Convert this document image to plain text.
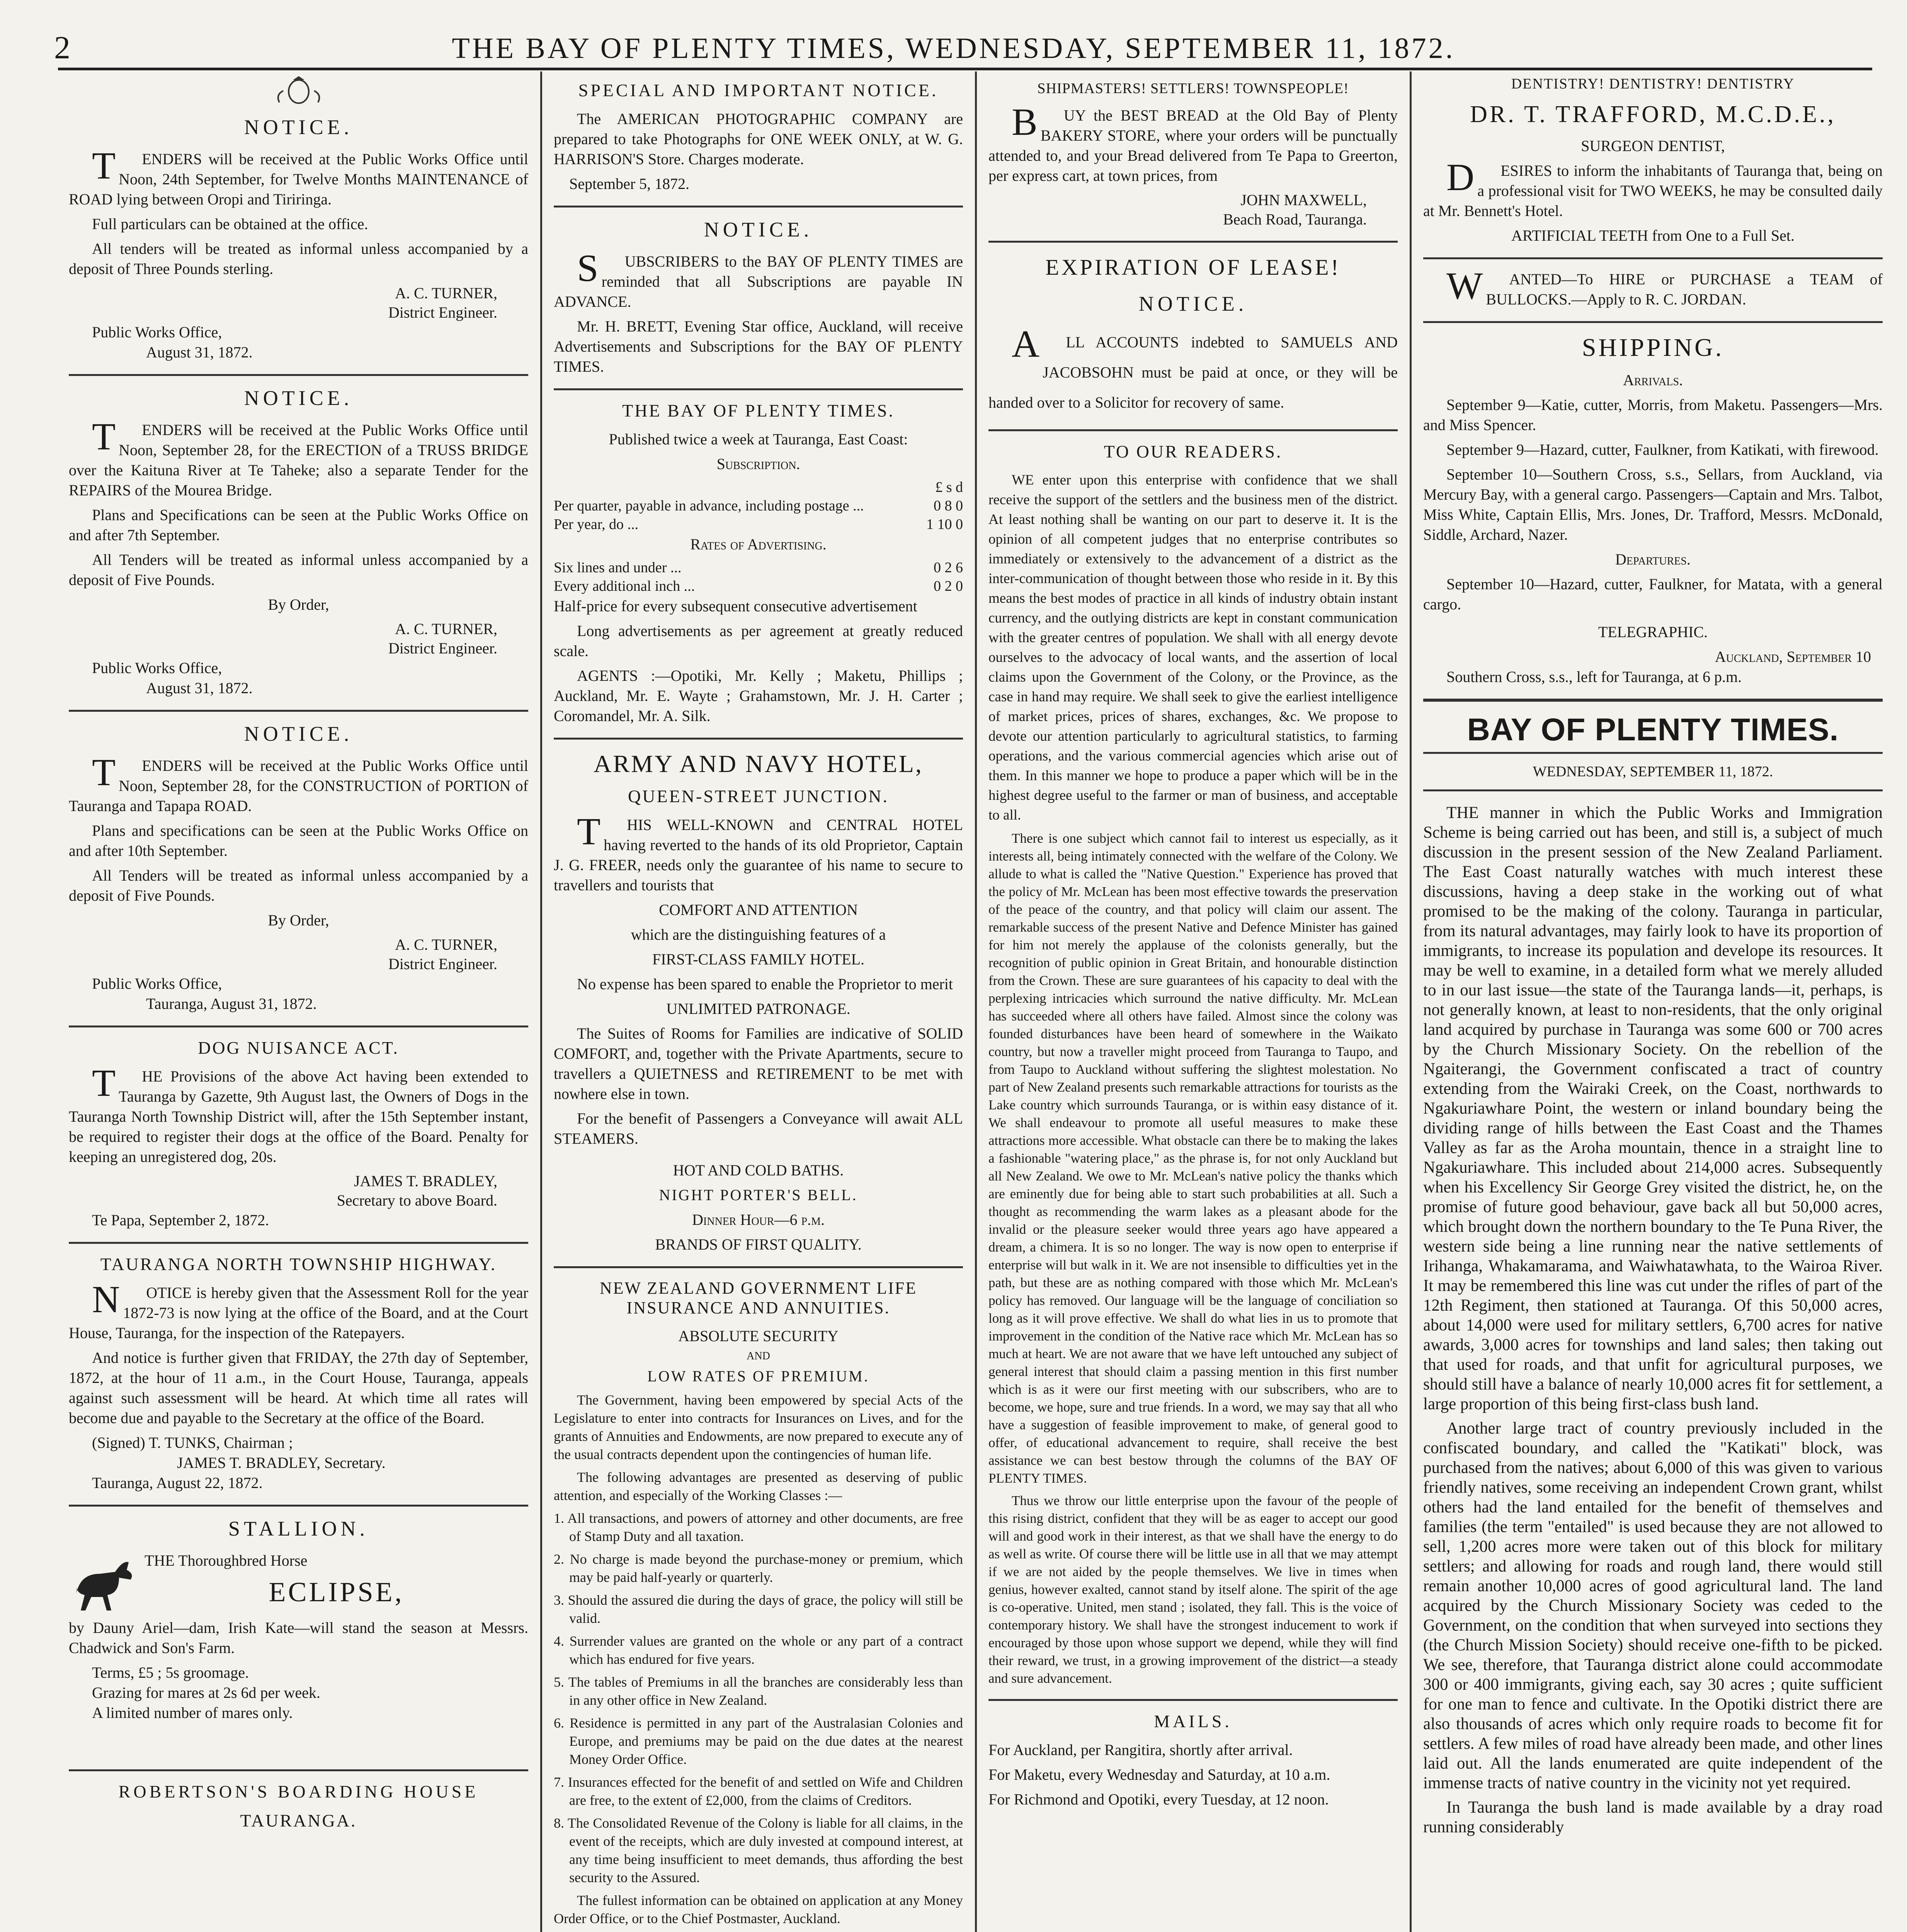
2	THE BAY OF PLENTY TIMES, WEDNESDAY, SEPTEMBER 11, 1872.
NOTICE.

TENDERS will be received at the Public Works Office until Noon, 24th September, for Twelve Months MAINTENANCE of ROAD lying between Oropi and Tiriringa.

Full particulars can be obtained at the office.

All tenders will be treated as informal unless accompanied by a deposit of Three Pounds sterling.

A. C. TURNER,

District Engineer.

Public Works Office,

August 31, 1872.

NOTICE.

TENDERS will be received at the Public Works Office until Noon, September 28, for the ERECTION of a TRUSS BRIDGE over the Kaituna River at Te Taheke; also a separate Tender for the REPAIRS of the Mourea Bridge.

Plans and Specifications can be seen at the Public Works Office on and after 7th September.

All Tenders will be treated as informal unless accompanied by a deposit of Five Pounds.

By Order,

A. C. TURNER,

District Engineer.

Public Works Office,

August 31, 1872.

NOTICE.

TENDERS will be received at the Public Works Office until Noon, September 28, for the CONSTRUCTION of PORTION of Tauranga and Tapapa ROAD.

Plans and specifications can be seen at the Public Works Office on and after 10th September.

All Tenders will be treated as informal unless accompanied by a deposit of Five Pounds.

By Order,

A. C. TURNER,

District Engineer.

Public Works Office,

Tauranga, August 31, 1872.

DOG NUISANCE ACT.

THE Provisions of the above Act having been extended to Tauranga by Gazette, 9th August last, the Owners of Dogs in the Tauranga North Township District will, after the 15th September instant, be required to register their dogs at the office of the Board. Penalty for keeping an unregistered dog, 20s.

JAMES T. BRADLEY,

Secretary to above Board.

Te Papa, September 2, 1872.

TAURANGA NORTH TOWNSHIP HIGHWAY.

NOTICE is hereby given that the Assessment Roll for the year 1872-73 is now lying at the office of the Board, and at the Court House, Tauranga, for the inspection of the Ratepayers.

And notice is further given that FRIDAY, the 27th day of September, 1872, at the hour of 11 a.m., in the Court House, Tauranga, appeals against such assessment will be heard. At which time all rates will become due and payable to the Secretary at the office of the Board.

(Signed) T. TUNKS, Chairman ;

JAMES T. BRADLEY, Secretary.

Tauranga, August 22, 1872.

STALLION.

THE Thoroughbred Horse

ECLIPSE,

by Dauny Ariel—dam, Irish Kate—will stand the season at Messrs. Chadwick and Son's Farm.

Terms, £5 ; 5s groomage.

Grazing for mares at 2s 6d per week.

A limited number of mares only.

ROBERTSON'S BOARDING HOUSE
TAURANGA.

SPECIAL AND IMPORTANT NOTICE.

The AMERICAN PHOTOGRAPHIC COMPANY are prepared to take Photographs for ONE WEEK ONLY, at W. G. HARRISON'S Store. Charges moderate.

September 5, 1872.

NOTICE.

SUBSCRIBERS to the BAY OF PLENTY TIMES are reminded that all Subscriptions are payable IN ADVANCE.

Mr. H. BRETT, Evening Star office, Auckland, will receive Advertisements and Subscriptions for the BAY OF PLENTY TIMES.

THE BAY OF PLENTY TIMES.

Published twice a week at Tauranga, East Coast:

Subscription.

	£ s d
Per quarter, payable in advance, including postage ...	0 8 0
Per year, do ...	1 10 0

Rates of Advertising.

Six lines and under ...	0 2 6
Every additional inch ...	0 2 0

Half-price for every subsequent consecutive advertisement

Long advertisements as per agreement at greatly reduced scale.

AGENTS :—Opotiki, Mr. Kelly ; Maketu, Phillips ; Auckland, Mr. E. Wayte ; Grahamstown, Mr. J. H. Carter ; Coromandel, Mr. A. Silk.

ARMY AND NAVY HOTEL,
QUEEN-STREET JUNCTION.

THIS WELL-KNOWN and CENTRAL HOTEL having reverted to the hands of its old Proprietor, Captain J. G. FREER, needs only the guarantee of his name to secure to travellers and tourists that

COMFORT AND ATTENTION

which are the distinguishing features of a

FIRST-CLASS FAMILY HOTEL.

No expense has been spared to enable the Proprietor to merit

UNLIMITED PATRONAGE.

The Suites of Rooms for Families are indicative of SOLID COMFORT, and, together with the Private Apartments, secure to travellers a QUIETNESS and RETIREMENT to be met with nowhere else in town.

For the benefit of Passengers a Conveyance will await ALL STEAMERS.

HOT AND COLD BATHS.

NIGHT PORTER'S BELL.

Dinner Hour—6 p.m.

BRANDS OF FIRST QUALITY.

NEW ZEALAND GOVERNMENT LIFE INSURANCE AND ANNUITIES.

ABSOLUTE SECURITY

AND

LOW RATES OF PREMIUM.

The Government, having been empowered by special Acts of the Legislature to enter into contracts for Insurances on Lives, and for the grants of Annuities and Endowments, are now prepared to execute any of the usual contracts dependent upon the contingencies of human life.

The following advantages are presented as deserving of public attention, and especially of the Working Classes :—

1. All transactions, and powers of attorney and other documents, are free of Stamp Duty and all taxation.

2. No charge is made beyond the purchase-money or premium, which may be paid half-yearly or quarterly.

3. Should the assured die during the days of grace, the policy will still be valid.

4. Surrender values are granted on the whole or any part of a contract which has endured for five years.

5. The tables of Premiums in all the branches are considerably less than in any other office in New Zealand.

6. Residence is permitted in any part of the Australasian Colonies and Europe, and premiums may be paid on the due dates at the nearest Money Order Office.

7. Insurances effected for the benefit of and settled on Wife and Children are free, to the extent of £2,000, from the claims of Creditors.

8. The Consolidated Revenue of the Colony is liable for all claims, in the event of the receipts, which are duly invested at compound interest, at any time being insufficient to meet demands, thus affording the best security to the Assured.

The fullest information can be obtained on application at any Money Order Office, or to the Chief Postmaster, Auckland.

SHIPMASTERS! SETTLERS! TOWNSPEOPLE!

BUY the BEST BREAD at the Old Bay of Plenty BAKERY STORE, where your orders will be punctually attended to, and your Bread delivered from Te Papa to Greerton, per express cart, at town prices, from

JOHN MAXWELL,

Beach Road, Tauranga.

EXPIRATION OF LEASE!
NOTICE.

ALL ACCOUNTS indebted to SAMUELS AND JACOBSOHN must be paid at once, or they will be handed over to a Solicitor for recovery of same.

TO OUR READERS.

WE enter upon this enterprise with confidence that we shall receive the support of the settlers and the business men of the district. At least nothing shall be wanting on our part to deserve it. It is the opinion of all competent judges that no enterprise contributes so immediately or extensively to the advancement of a district as the inter-communication of thought between those who reside in it. By this means the best modes of practice in all kinds of industry obtain instant currency, and the outlying districts are kept in constant communication with the greater centres of population. We shall with all energy devote ourselves to the advocacy of local wants, and the assertion of local claims upon the Government of the Colony, or the Province, as the case in hand may require. We shall seek to give the earliest intelligence of market prices, prices of shares, exchanges, &c. We propose to devote our attention particularly to agricultural statistics, to farming operations, and the various commercial agencies which arise out of them. In this manner we hope to produce a paper which will be in the highest degree useful to the farmer or man of business, and acceptable to all.

There is one subject which cannot fail to interest us especially, as it interests all, being intimately connected with the welfare of the Colony. We allude to what is called the "Native Question." Experience has proved that the policy of Mr. McLean has been most effective towards the preservation of the peace of the country, and that policy will claim our assent. The remarkable success of the present Native and Defence Minister has gained for him not merely the applause of the colonists generally, but the recognition of public opinion in Great Britain, and honourable distinction from the Crown. These are sure guarantees of his capacity to deal with the perplexing intricacies which surround the native difficulty. Mr. McLean has succeeded where all others have failed. Almost since the colony was founded disturbances have been heard of somewhere in the Waikato country, but now a traveller might proceed from Tauranga to Taupo, and from Taupo to Auckland without suffering the slightest molestation. No part of New Zealand presents such remarkable attractions for tourists as the Lake country which surrounds Tauranga, or is within easy distance of it. We shall endeavour to promote all useful measures to make these attractions more accessible. What obstacle can there be to making the lakes a fashionable "watering place," as the phrase is, for not only Auckland but all New Zealand. We owe to Mr. McLean's native policy the thanks which are eminently due for being able to start such probabilities at all. Such a thought as recommending the warm lakes as a pleasant abode for the invalid or the pleasure seeker would three years ago have appeared a dream, a chimera. It is so no longer. The way is now open to enterprise if enterprise will but walk in it. We are not insensible to difficulties yet in the path, but these are as nothing compared with those which Mr. McLean's policy has removed. Our language will be the language of conciliation so long as it will prove effective. We shall do what lies in us to promote that improvement in the condition of the Native race which Mr. McLean has so much at heart. We are not aware that we have left untouched any subject of general interest that should claim a passing mention in this first number which is as it were our first meeting with our subscribers, who are to become, we hope, sure and true friends. In a word, we may say that all who have a suggestion of feasible improvement to make, of general good to offer, of educational advancement to require, shall receive the best assistance we can best bestow through the columns of the BAY OF PLENTY TIMES.

Thus we throw our little enterprise upon the favour of the people of this rising district, confident that they will be as eager to accept our good will and good work in their interest, as that we shall have the energy to do as well as write. Of course there will be little use in all that we may attempt if we are not aided by the people themselves. We live in times when genius, however exalted, cannot stand by itself alone. The spirit of the age is co-operative. United, men stand ; isolated, they fall. This is the voice of contemporary history. We shall have the strongest inducement to work if encouraged by those upon whose support we depend, while they will find their reward, we trust, in a growing improvement of the district—a steady and sure advancement.

MAILS.

For Auckland, per Rangitira, shortly after arrival.

For Maketu, every Wednesday and Saturday, at 10 a.m.

For Richmond and Opotiki, every Tuesday, at 12 noon.

DENTISTRY! DENTISTRY! DENTISTRY
DR. T. TRAFFORD, M.C.D.E.,

SURGEON DENTIST,

DESIRES to inform the inhabitants of Tauranga that, being on a professional visit for TWO WEEKS, he may be consulted daily at Mr. Bennett's Hotel.

ARTIFICIAL TEETH from One to a Full Set.

WANTED—To HIRE or PURCHASE a TEAM of BULLOCKS.—Apply to R. C. JORDAN.

SHIPPING.

Arrivals.

September 9—Katie, cutter, Morris, from Maketu. Passengers—Mrs. and Miss Spencer.

September 9—Hazard, cutter, Faulkner, from Katikati, with firewood.

September 10—Southern Cross, s.s., Sellars, from Auckland, via Mercury Bay, with a general cargo. Passengers—Captain and Mrs. Talbot, Miss White, Captain Ellis, Mrs. Jones, Dr. Trafford, Messrs. McDonald, Siddle, Archard, Nazer.

Departures.

September 10—Hazard, cutter, Faulkner, for Matata, with a general cargo.

TELEGRAPHIC.

Auckland, September 10

Southern Cross, s.s., left for Tauranga, at 6 p.m.

BAY OF PLENTY TIMES.

WEDNESDAY, SEPTEMBER 11, 1872.

THE manner in which the Public Works and Immigration Scheme is being carried out has been, and still is, a subject of much discussion in the present session of the New Zealand Parliament. The East Coast naturally watches with much interest these discussions, having a deep stake in the working out of what promised to be the making of the colony. Tauranga in particular, from its natural advantages, may fairly look to have its proportion of immigrants, to increase its population and develope its resources. It may be well to examine, in a detailed form what we merely alluded to in our last issue—the state of the Tauranga lands—it, perhaps, is not generally known, at least to non-residents, that the only original land acquired by purchase in Tauranga was some 600 or 700 acres by the Church Missionary Society. On the rebellion of the Ngaiterangi, the Government confiscated a tract of country extending from the Wairaki Creek, on the Coast, northwards to Ngakuriawhare Point, the western or inland boundary being the dividing range of hills between the East Coast and the Thames Valley as far as the Aroha mountain, thence in a straight line to Ngakuriawhare. This included about 214,000 acres. Subsequently when his Excellency Sir George Grey visited the district, he, on the promise of future good behaviour, gave back all but 50,000 acres, which brought down the northern boundary to the Te Puna River, the western side being a line running near the native settlements of Irihanga, Whakamarama, and Waiwhatawhata, to the Wairoa River. It may be remembered this line was cut under the rifles of part of the 12th Regiment, then stationed at Tauranga. Of this 50,000 acres, about 14,000 were used for military settlers, 6,700 acres for native awards, 3,000 acres for townships and land sales; then taking out that used for roads, and that unfit for agricultural purposes, we should still have a balance of nearly 10,000 acres fit for settlement, a large proportion of this being first-class bush land.

Another large tract of country previously included in the confiscated boundary, and called the "Katikati" block, was purchased from the natives; about 6,000 of this was given to various friendly natives, some receiving an independent Crown grant, whilst others had the land entailed for the benefit of themselves and families (the term "entailed" is used because they are not allowed to sell, 1,200 acres more were taken out of this block for military settlers; and allowing for roads and rough land, there would still remain another 10,000 acres of good agricultural land. The land acquired by the Church Missionary Society was ceded to the Government, on the condition that when surveyed into sections they (the Church Mission Society) should receive one-fifth to be picked. We see, therefore, that Tauranga district alone could accommodate 300 or 400 immigrants, giving each, say 30 acres ; quite sufficient for one man to fence and cultivate. In the Opotiki district there are also thousands of acres which only require roads to become fit for settlers. A few miles of road have already been made, and other lines laid out. All the lands enumerated are quite independent of the immense tracts of native country in the vicinity not yet required.

In Tauranga the bush land is made available by a dray road running considerably
